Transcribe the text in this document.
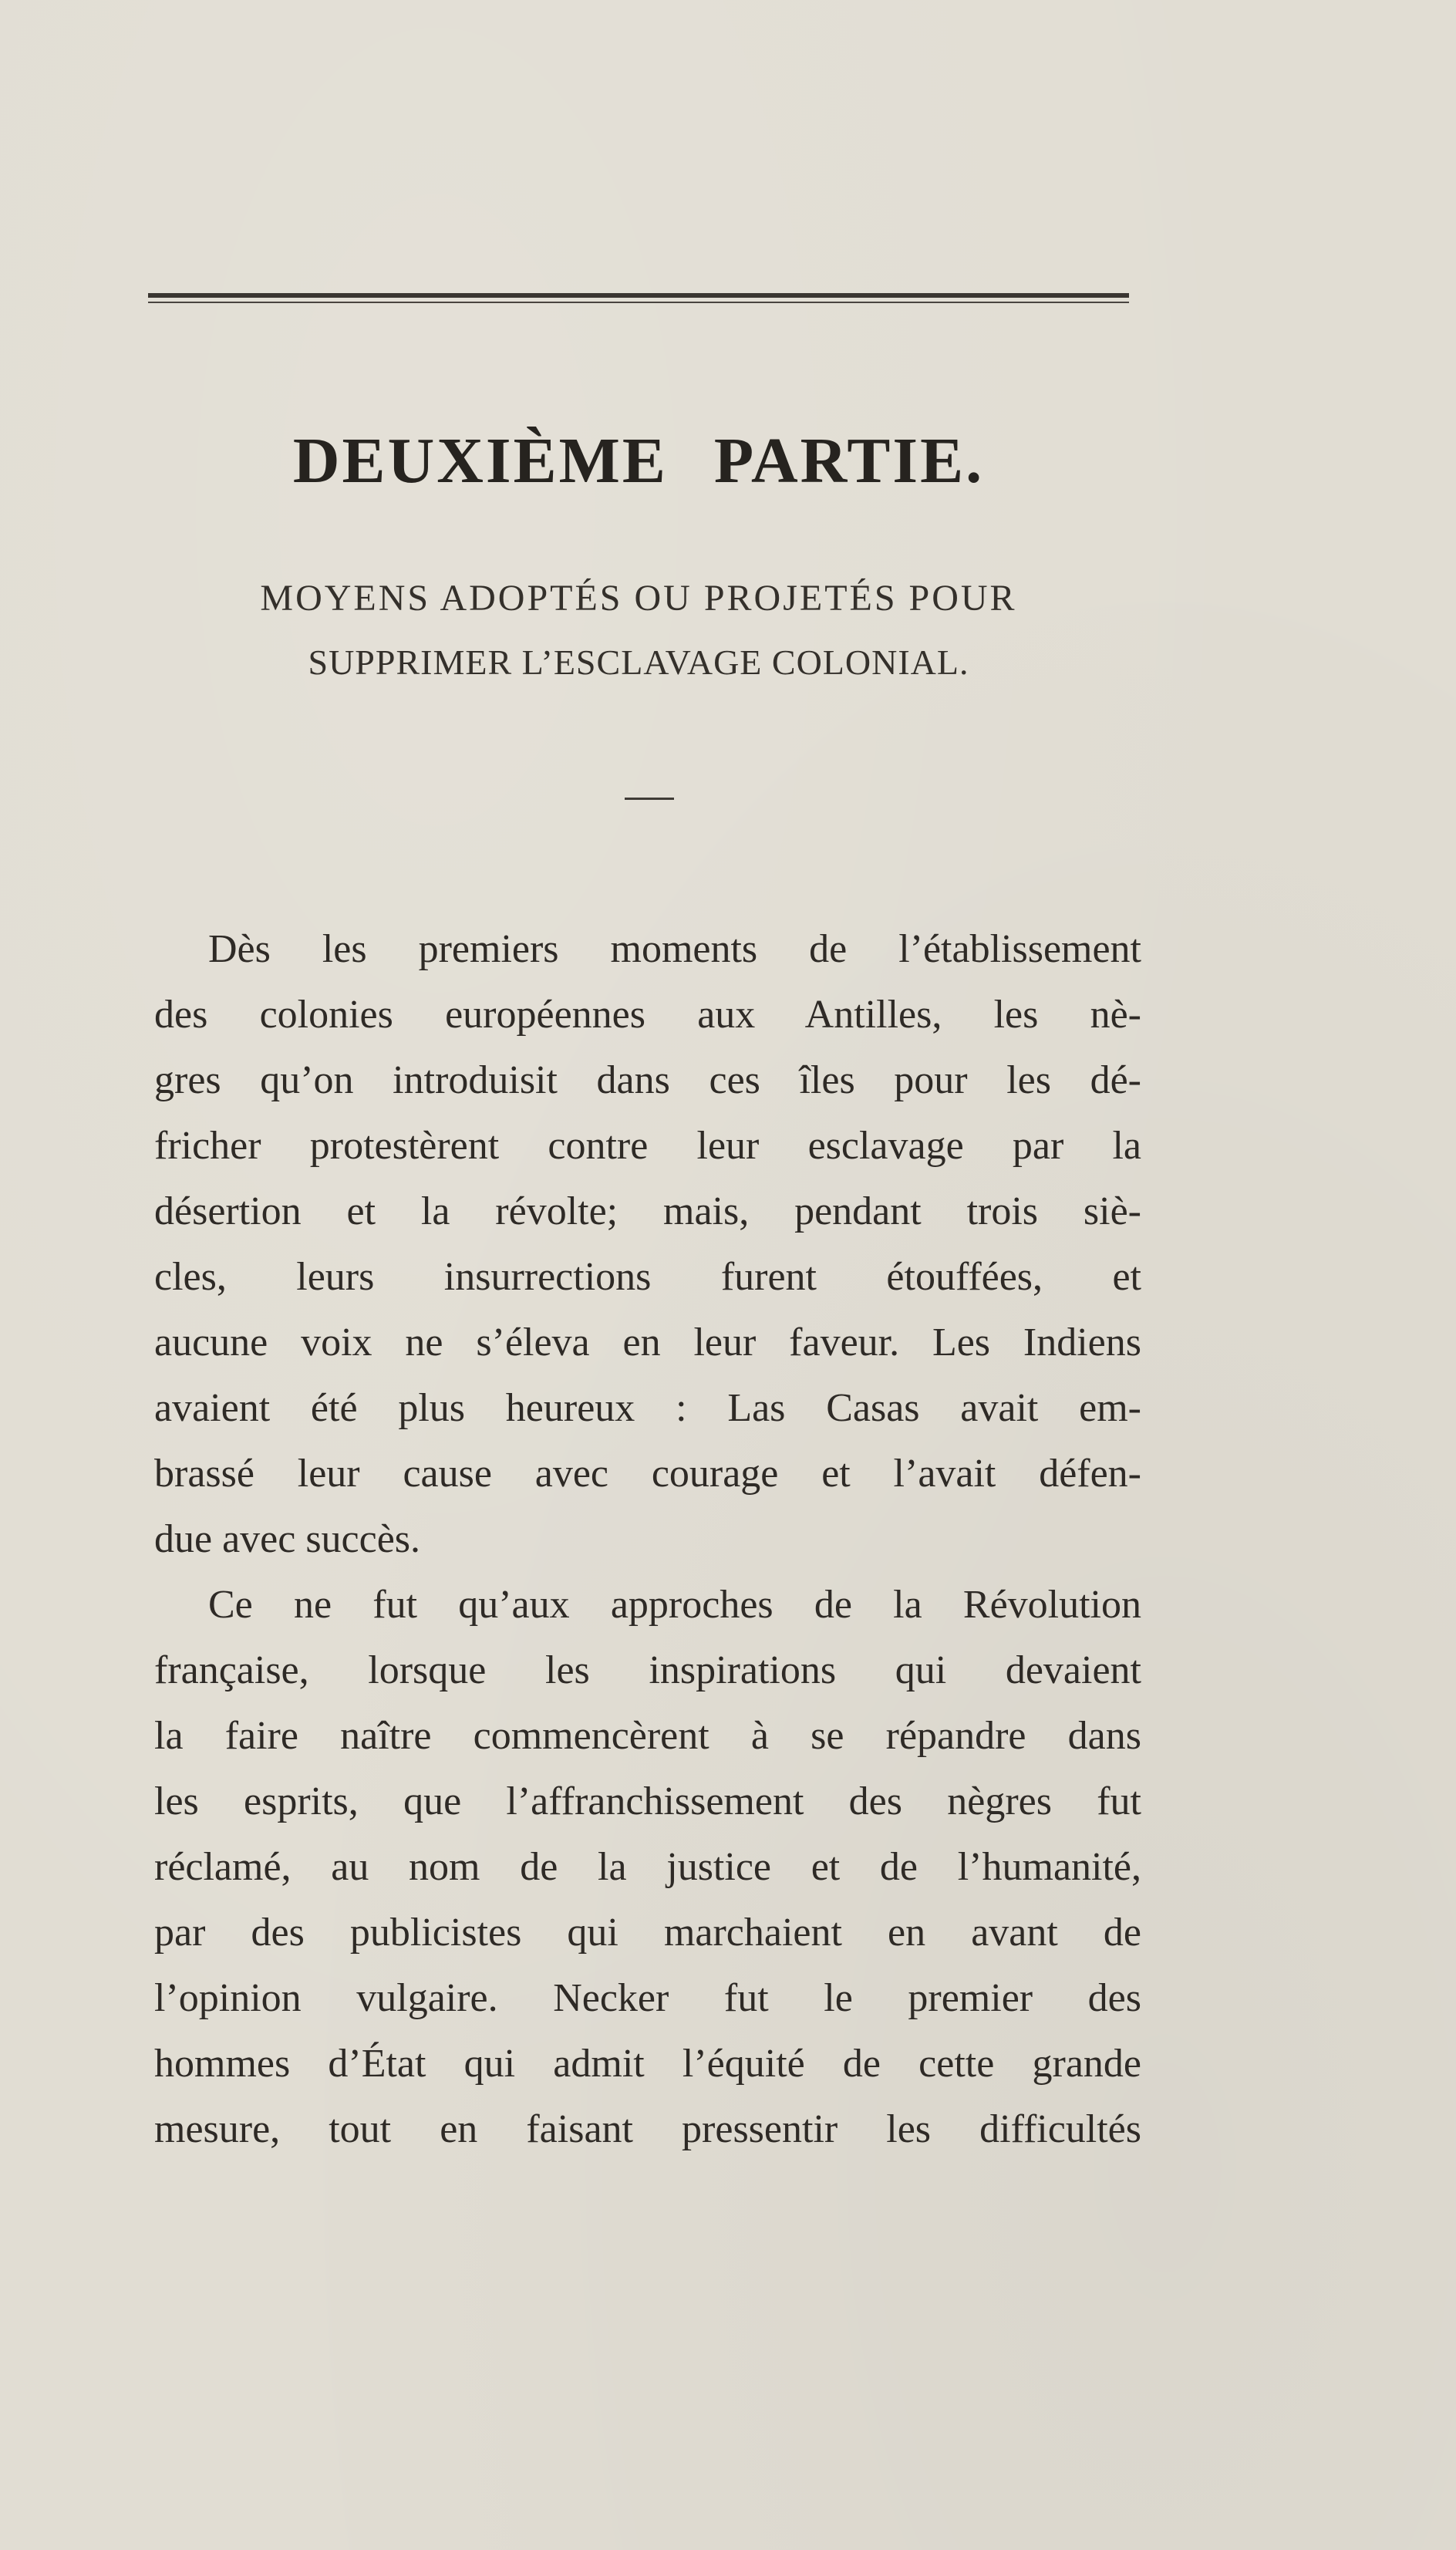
DEUXIÈME PARTIE.
MOYENS ADOPTÉS OU PROJETÉS POUR
SUPPRIMER L’ESCLAVAGE COLONIAL.
Dès les premiers moments de l’établissement
des colonies européennes aux Antilles, les nè-
gres qu’on introduisit dans ces îles pour les dé-
fricher protestèrent contre leur esclavage par la
désertion et la révolte; mais, pendant trois siè-
cles, leurs insurrections furent étouffées, et
aucune voix ne s’éleva en leur faveur. Les Indiens
avaient été plus heureux : Las Casas avait em-
brassé leur cause avec courage et l’avait défen-
due avec succès.
Ce ne fut qu’aux approches de la Révolution
française, lorsque les inspirations qui devaient
la faire naître commencèrent à se répandre dans
les esprits, que l’affranchissement des nègres fut
réclamé, au nom de la justice et de l’humanité,
par des publicistes qui marchaient en avant de
l’opinion vulgaire. Necker fut le premier des
hommes d’État qui admit l’équité de cette grande
mesure, tout en faisant pressentir les difficultés
